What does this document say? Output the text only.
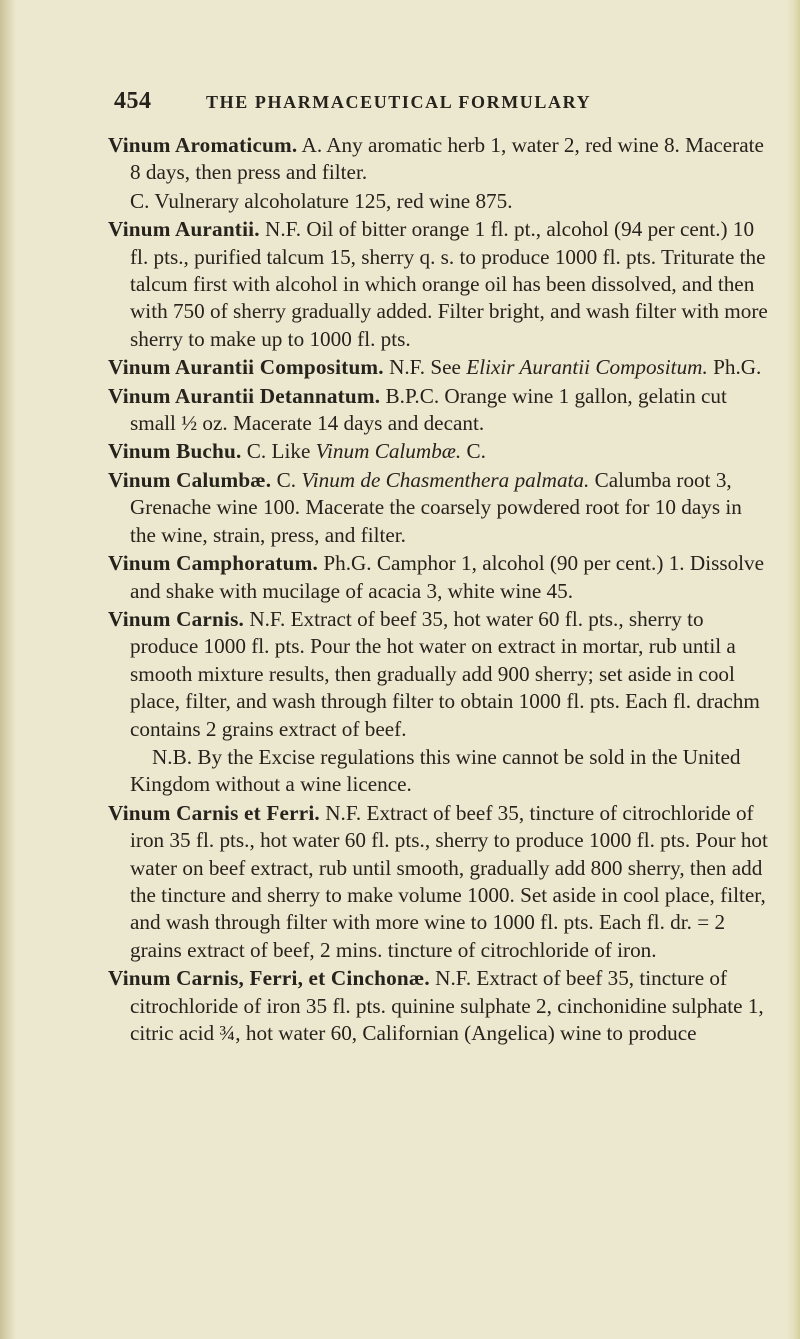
454	THE PHARMACEUTICAL FORMULARY

Vinum Aromaticum. A. Any aromatic herb 1, water 2, red wine 8. Macerate 8 days, then press and filter.

C. Vulnerary alcoholature 125, red wine 875.

Vinum Aurantii. N.F. Oil of bitter orange 1 fl. pt., alcohol (94 per cent.) 10 fl. pts., purified talcum 15, sherry q. s. to produce 1000 fl. pts. Triturate the talcum first with alcohol in which orange oil has been dissolved, and then with 750 of sherry gradually added. Filter bright, and wash filter with more sherry to make up to 1000 fl. pts.

Vinum Aurantii Compositum. N.F. See Elixir Aurantii Compositum. Ph.G.

Vinum Aurantii Detannatum. B.P.C. Orange wine 1 gallon, gelatin cut small ½ oz. Macerate 14 days and decant.

Vinum Buchu. C. Like Vinum Calumbæ. C.

Vinum Calumbæ. C. Vinum de Chasmenthera palmata. Calumba root 3, Grenache wine 100. Macerate the coarsely powdered root for 10 days in the wine, strain, press, and filter.

Vinum Camphoratum. Ph.G. Camphor 1, alcohol (90 per cent.) 1. Dissolve and shake with mucilage of acacia 3, white wine 45.

Vinum Carnis. N.F. Extract of beef 35, hot water 60 fl. pts., sherry to produce 1000 fl. pts. Pour the hot water on extract in mortar, rub until a smooth mixture results, then gradually add 900 sherry; set aside in cool place, filter, and wash through filter to obtain 1000 fl. pts. Each fl. drachm contains 2 grains extract of beef.

N.B. By the Excise regulations this wine cannot be sold in the United Kingdom without a wine licence.

Vinum Carnis et Ferri. N.F. Extract of beef 35, tincture of citrochloride of iron 35 fl. pts., hot water 60 fl. pts., sherry to produce 1000 fl. pts. Pour hot water on beef extract, rub until smooth, gradually add 800 sherry, then add the tincture and sherry to make volume 1000. Set aside in cool place, filter, and wash through filter with more wine to 1000 fl. pts. Each fl. dr. = 2 grains extract of beef, 2 mins. tincture of citrochloride of iron.

Vinum Carnis, Ferri, et Cinchonæ. N.F. Extract of beef 35, tincture of citrochloride of iron 35 fl. pts. quinine sulphate 2, cinchonidine sulphate 1, citric acid ¾, hot water 60, Californian (Angelica) wine to produce
